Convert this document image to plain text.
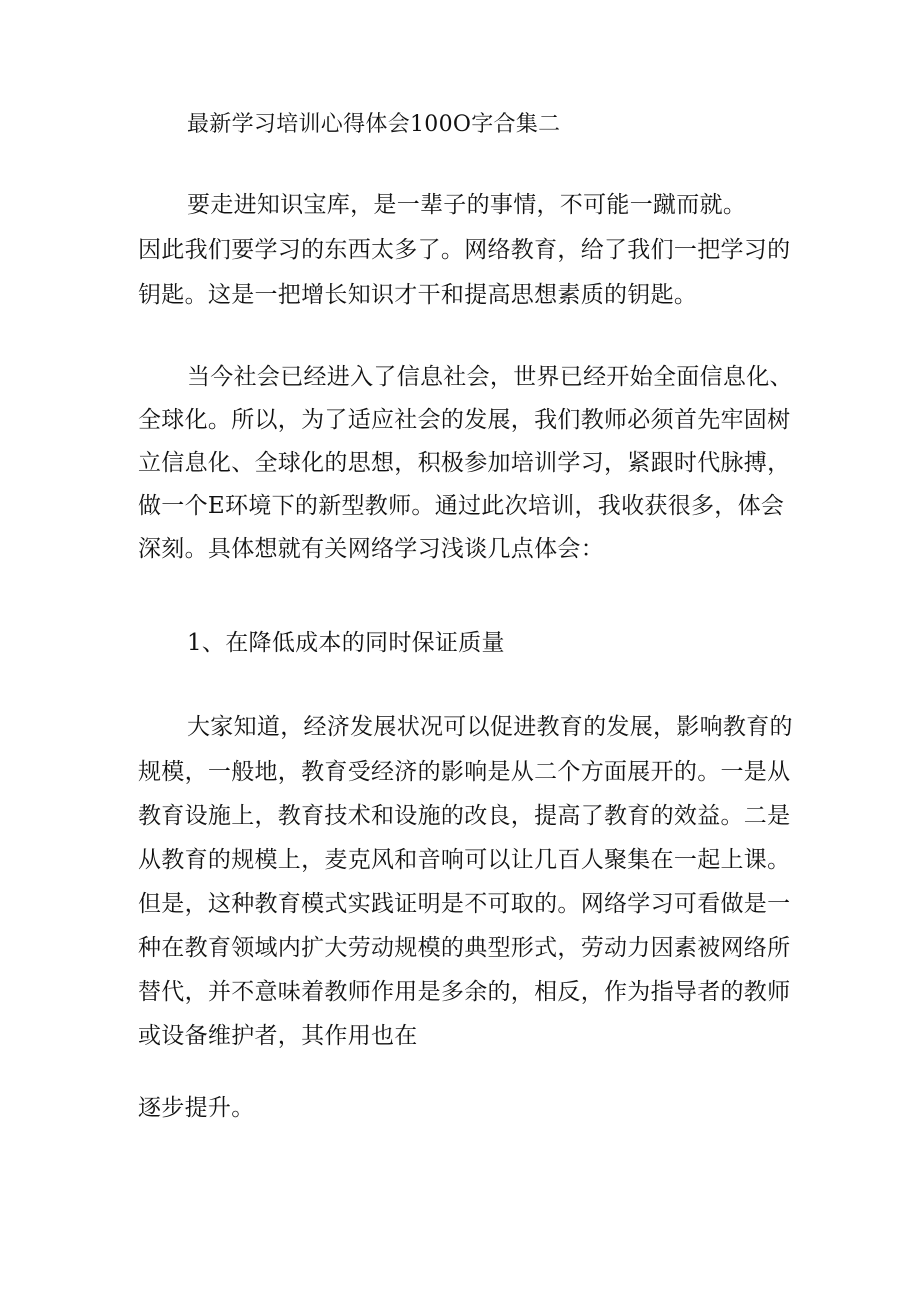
最新学习培训心得体会100O字合集二
要走进知识宝库，是一辈子的事情，不可能一蹴而就。
因此我们要学习的东西太多了。网络教育，给了我们一把学习的
钥匙。这是一把增长知识才干和提高思想素质的钥匙。
当今社会已经进入了信息社会，世界已经开始全面信息化、
全球化。所以，为了适应社会的发展，我们教师必须首先牢固树
立信息化、全球化的思想，积极参加培训学习，紧跟时代脉搏，
做一个E环境下的新型教师。通过此次培训，我收获很多，体会
深刻。具体想就有关网络学习浅谈几点体会：
1、在降低成本的同时保证质量
大家知道，经济发展状况可以促进教育的发展，影响教育的
规模，一般地，教育受经济的影响是从二个方面展开的。一是从
教育设施上，教育技术和设施的改良，提高了教育的效益。二是
从教育的规模上，麦克风和音响可以让几百人聚集在一起上课。
但是，这种教育模式实践证明是不可取的。网络学习可看做是一
种在教育领域内扩大劳动规模的典型形式，劳动力因素被网络所
替代，并不意味着教师作用是多余的，相反，作为指导者的教师
或设备维护者，其作用也在
逐步提升。
